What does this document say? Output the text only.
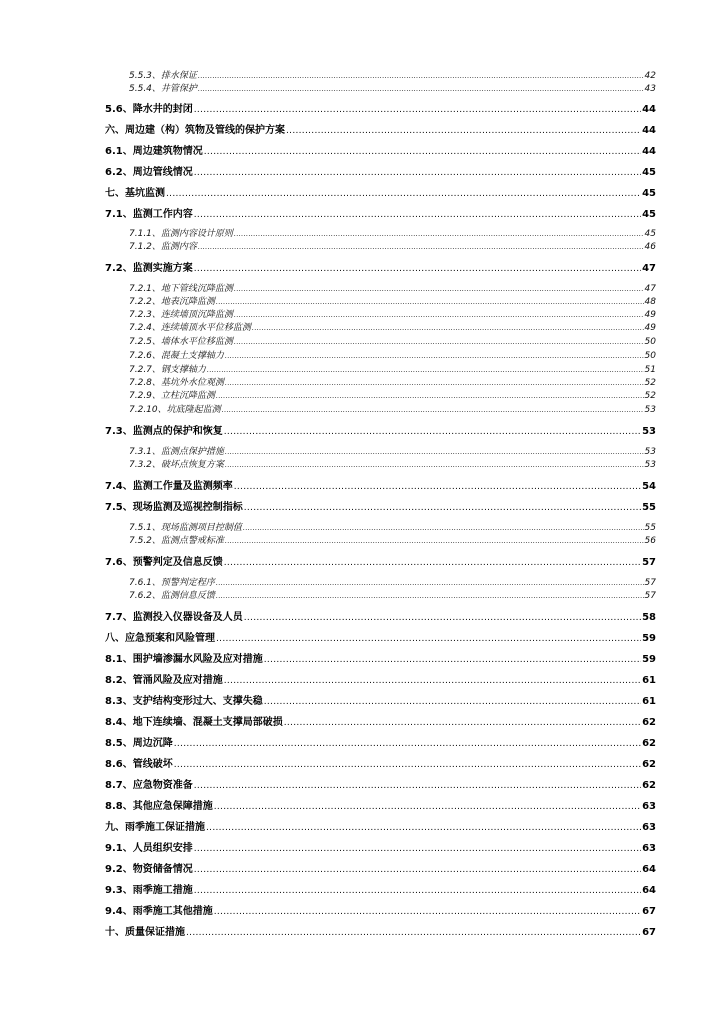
5.5.3、排水保证 .....	42
5.5.4、井管保护 .....	43
5.6、降水井的封闭 .....	44
六、周边建（构）筑物及管线的保护方案 .....	44
6.1、周边建筑物情况 .....	44
6.2、周边管线情况 .....	45
七、基坑监测 .....	45
7.1、监测工作内容 .....	45
7.1.1、监测内容设计原则 .....	45
7.1.2、监测内容 .....	46
7.2、监测实施方案 .....	47
7.2.1、地下管线沉降监测 .....	47
7.2.2、地表沉降监测 .....	48
7.2.3、连续墙顶沉降监测 .....	49
7.2.4、连续墙顶水平位移监测 .....	49
7.2.5、墙体水平位移监测 .....	50
7.2.6、混凝土支撑轴力 .....	50
7.2.7、钢支撑轴力 .....	51
7.2.8、基坑外水位观测 .....	52
7.2.9、立柱沉降监测 .....	52
7.2.10、坑底隆起监测 .....	53
7.3、监测点的保护和恢复 .....	53
7.3.1、监测点保护措施 .....	53
7.3.2、破坏点恢复方案 .....	53
7.4、监测工作量及监测频率 .....	54
7.5、现场监测及巡视控制指标 .....	55
7.5.1、现场监测项目控制值 .....	55
7.5.2、监测点警戒标准 .....	56
7.6、预警判定及信息反馈 .....	57
7.6.1、预警判定程序 .....	57
7.6.2、监测信息反馈 .....	57
7.7、监测投入仪器设备及人员 .....	58
八、应急预案和风险管理 .....	59
8.1、围护墙渗漏水风险及应对措施 .....	59
8.2、管涌风险及应对措施 .....	61
8.3、支护结构变形过大、支撑失稳 .....	61
8.4、地下连续墙、混凝土支撑局部破损 .....	62
8.5、周边沉降 .....	62
8.6、管线破坏 .....	62
8.7、应急物资准备 .....	62
8.8、其他应急保障措施 .....	63
九、雨季施工保证措施 .....	63
9.1、人员组织安排 .....	63
9.2、物资储备情况 .....	64
9.3、雨季施工措施 .....	64
9.4、雨季施工其他措施 .....	67
十、质量保证措施 .....	67
